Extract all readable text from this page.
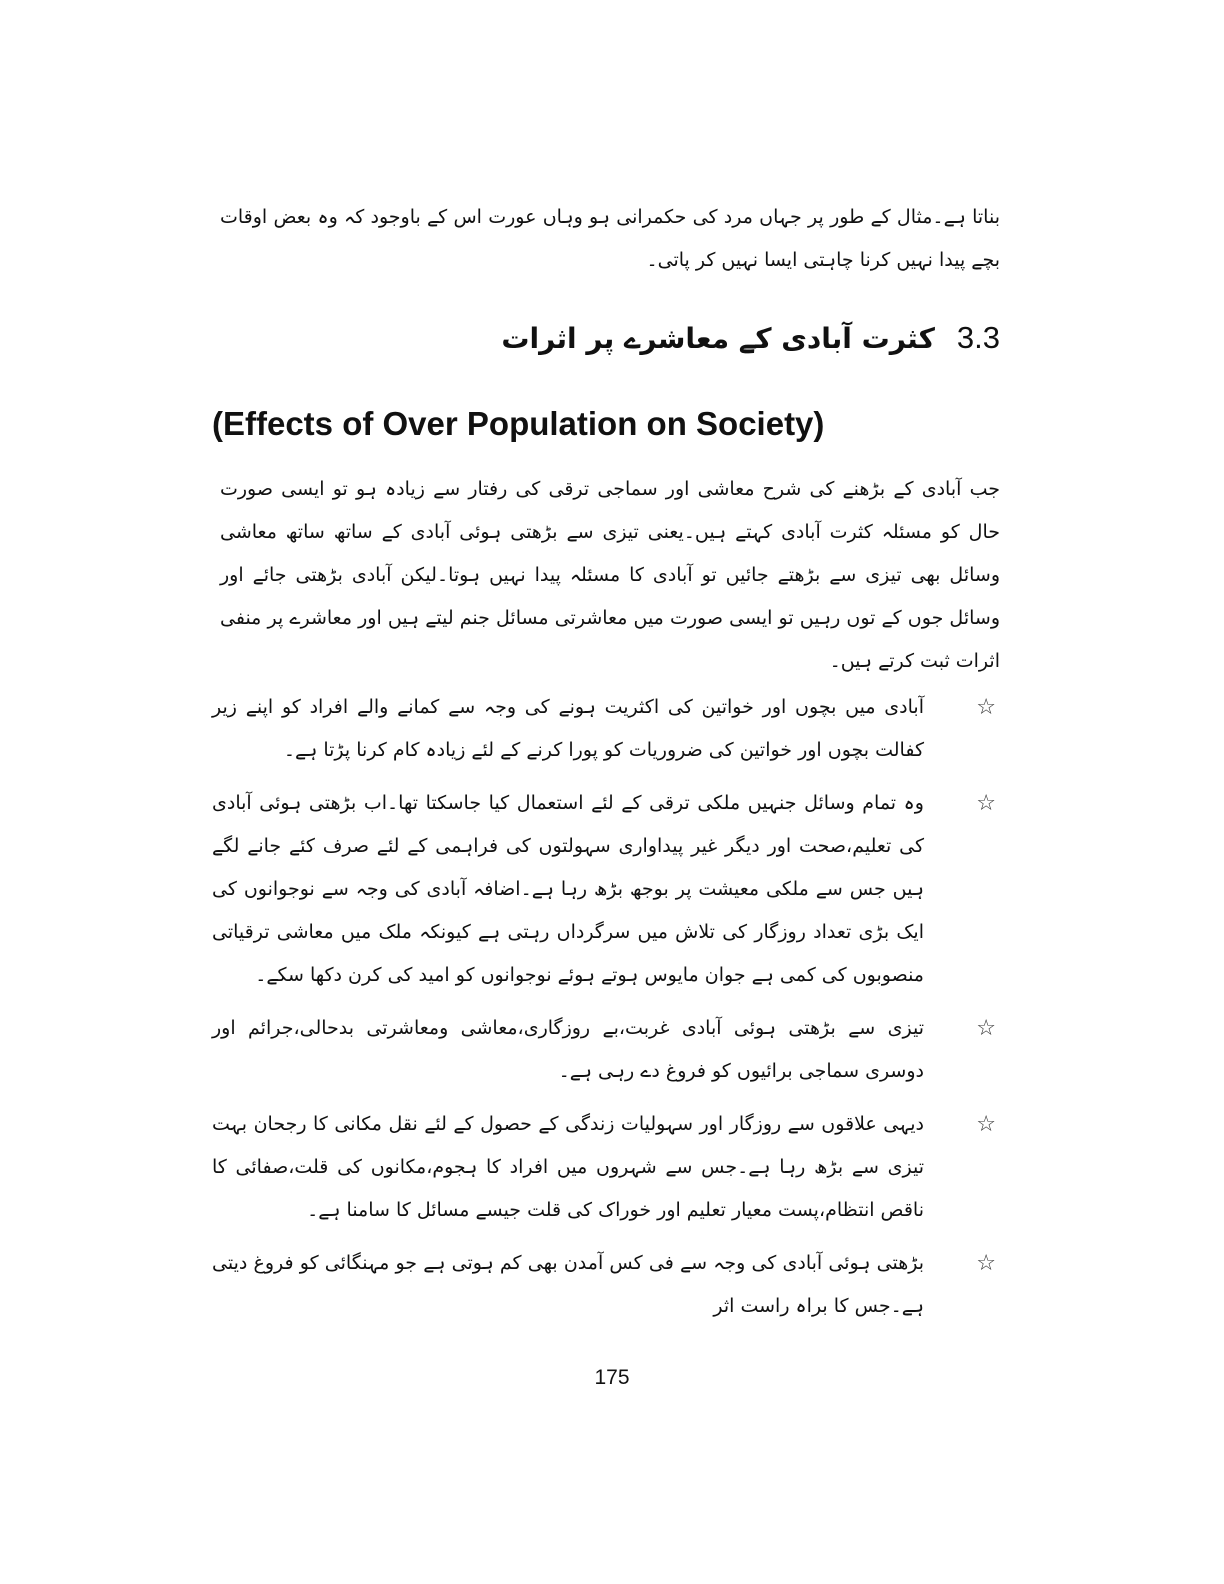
بناتا ہے۔مثال کے طور پر جہاں مرد کی حکمرانی ہو وہاں عورت اس کے باوجود کہ وہ بعض اوقات بچے پیدا نہیں کرنا چاہتی ایسا نہیں کر پاتی۔

3.3
کثرت آبادی کے معاشرے پر اثرات
(Effects of Over Population on Society)

جب آبادی کے بڑھنے کی شرح معاشی اور سماجی ترقی کی رفتار سے زیادہ ہو تو ایسی صورت حال کو مسئلہ کثرت آبادی کہتے ہیں۔یعنی تیزی سے بڑھتی ہوئی آبادی کے ساتھ ساتھ معاشی وسائل بھی تیزی سے بڑھتے جائیں تو آبادی کا مسئلہ پیدا نہیں ہوتا۔لیکن آبادی بڑھتی جائے اور وسائل جوں کے توں رہیں تو ایسی صورت میں معاشرتی مسائل جنم لیتے ہیں اور معاشرے پر منفی اثرات ثبت کرتے ہیں۔

☆
آبادی میں بچوں اور خواتین کی اکثریت ہونے کی وجہ سے کمانے والے افراد کو اپنے زیر کفالت بچوں اور خواتین کی ضروریات کو پورا کرنے کے لئے زیادہ کام کرنا پڑتا ہے۔
☆
وہ تمام وسائل جنہیں ملکی ترقی کے لئے استعمال کیا جاسکتا تھا۔اب بڑھتی ہوئی آبادی کی تعلیم،صحت اور دیگر غیر پیداواری سہولتوں کی فراہمی کے لئے صرف کئے جانے لگے ہیں جس سے ملکی معیشت پر بوجھ بڑھ رہا ہے۔اضافہ آبادی کی وجہ سے نوجوانوں کی ایک بڑی تعداد روزگار کی تلاش میں سرگرداں رہتی ہے کیونکہ ملک میں معاشی ترقیاتی منصوبوں کی کمی ہے جوان مایوس ہوتے ہوئے نوجوانوں کو امید کی کرن دکھا سکے۔
☆
تیزی سے بڑھتی ہوئی آبادی غربت،بے روزگاری،معاشی ومعاشرتی بدحالی،جرائم اور دوسری سماجی برائیوں کو فروغ دے رہی ہے۔
☆
دیہی علاقوں سے روزگار اور سہولیات زندگی کے حصول کے لئے نقل مکانی کا رجحان بہت تیزی سے بڑھ رہا ہے۔جس سے شہروں میں افراد کا ہجوم،مکانوں کی قلت،صفائی کا ناقص انتظام،پست معیار تعلیم اور خوراک کی قلت جیسے مسائل کا سامنا ہے۔
☆
بڑھتی ہوئی آبادی کی وجہ سے فی کس آمدن بھی کم ہوتی ہے جو مہنگائی کو فروغ دیتی ہے۔جس کا براہ راست اثر

175
